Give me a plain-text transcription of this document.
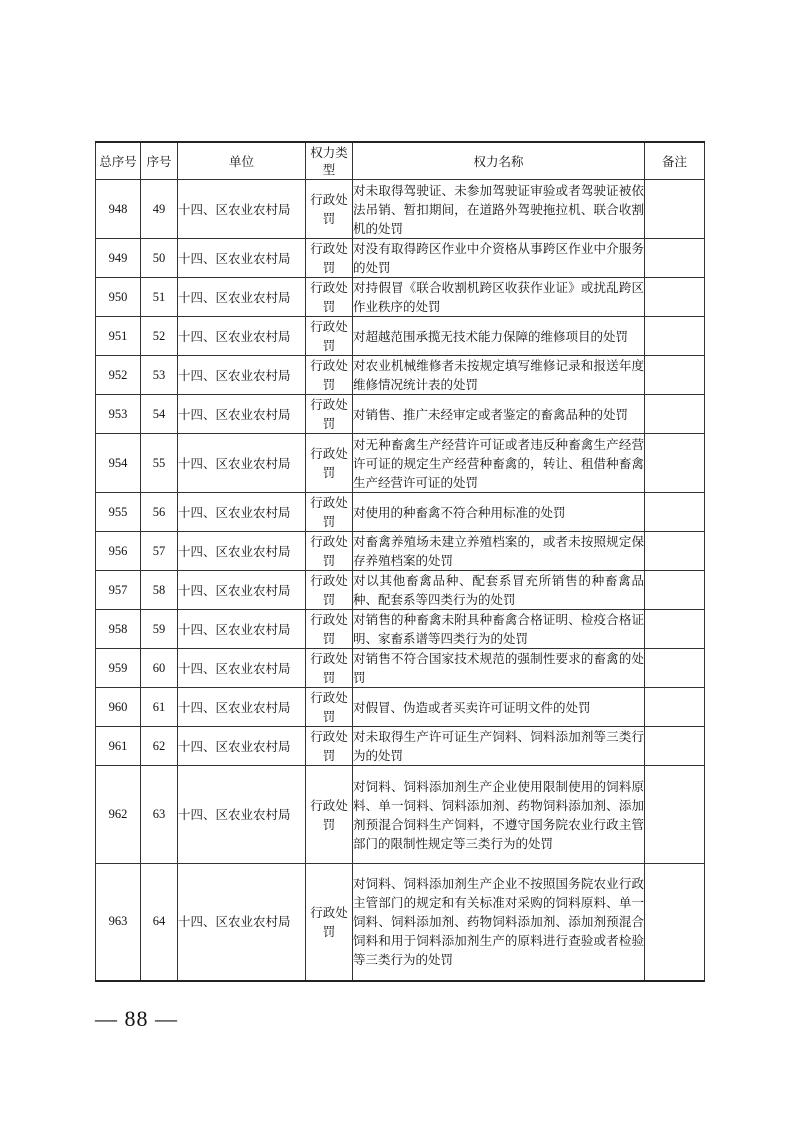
总序号	序号	单位	权力类型	权力名称	备注
948	49	十四、区农业农村局	行政处罚	对未取得驾驶证、未参加驾驶证审验或者驾驶证被依法吊销、暂扣期间，在道路外驾驶拖拉机、联合收割机的处罚	
949	50	十四、区农业农村局	行政处罚	对没有取得跨区作业中介资格从事跨区作业中介服务的处罚	
950	51	十四、区农业农村局	行政处罚	对持假冒《联合收割机跨区收获作业证》或扰乱跨区作业秩序的处罚	
951	52	十四、区农业农村局	行政处罚	对超越范围承揽无技术能力保障的维修项目的处罚	
952	53	十四、区农业农村局	行政处罚	对农业机械维修者未按规定填写维修记录和报送年度维修情况统计表的处罚	
953	54	十四、区农业农村局	行政处罚	对销售、推广未经审定或者鉴定的畜禽品种的处罚	
954	55	十四、区农业农村局	行政处罚	对无种畜禽生产经营许可证或者违反种畜禽生产经营许可证的规定生产经营种畜禽的，转让、租借种畜禽生产经营许可证的处罚	
955	56	十四、区农业农村局	行政处罚	对使用的种畜禽不符合种用标准的处罚	
956	57	十四、区农业农村局	行政处罚	对畜禽养殖场未建立养殖档案的，或者未按照规定保存养殖档案的处罚	
957	58	十四、区农业农村局	行政处罚	对以其他畜禽品种、配套系冒充所销售的种畜禽品种、配套系等四类行为的处罚	
958	59	十四、区农业农村局	行政处罚	对销售的种畜禽未附具种畜禽合格证明、检疫合格证明、家畜系谱等四类行为的处罚	
959	60	十四、区农业农村局	行政处罚	对销售不符合国家技术规范的强制性要求的畜禽的处罚	
960	61	十四、区农业农村局	行政处罚	对假冒、伪造或者买卖许可证明文件的处罚	
961	62	十四、区农业农村局	行政处罚	对未取得生产许可证生产饲料、饲料添加剂等三类行为的处罚	
962	63	十四、区农业农村局	行政处罚	对饲料、饲料添加剂生产企业使用限制使用的饲料原料、单一饲料、饲料添加剂、药物饲料添加剂、添加剂预混合饲料生产饲料，不遵守国务院农业行政主管部门的限制性规定等三类行为的处罚	
963	64	十四、区农业农村局	行政处罚	对饲料、饲料添加剂生产企业不按照国务院农业行政主管部门的规定和有关标准对采购的饲料原料、单一饲料、饲料添加剂、药物饲料添加剂、添加剂预混合饲料和用于饲料添加剂生产的原料进行查验或者检验等三类行为的处罚	
— 88 —
